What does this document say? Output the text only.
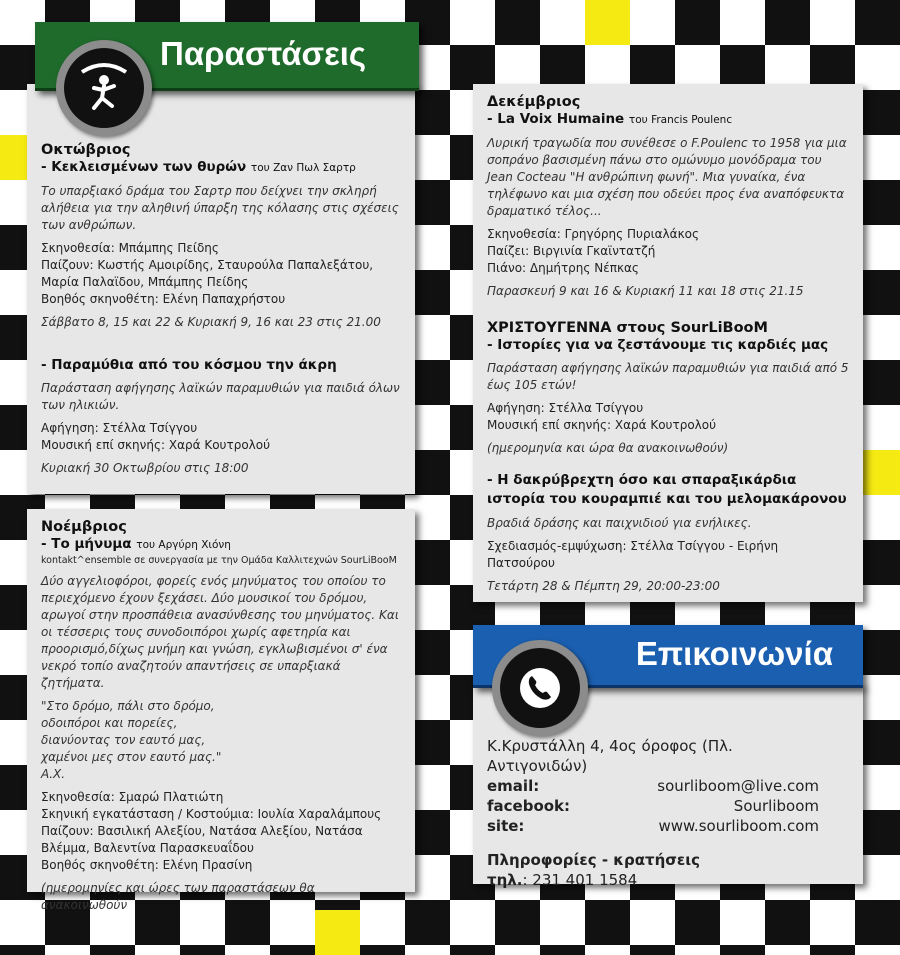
Οκτώβριος

- Κεκλεισμένων των θυρών του Ζαν Πωλ Σαρτρ

Το υπαρξιακό δράμα του Σαρτρ που δείχνει την σκληρή αλήθεια για την αληθινή ύπαρξη της κόλασης στις σχέσεις των ανθρώπων.

Σκηνοθεσία: Μπάμπης Πείδης

Παίζουν: Κωστής Αμοιρίδης, Σταυρούλα Παπαλεξάτου, Μαρία Παλαϊδου, Μπάμπης Πείδης

Βοηθός σκηνοθέτη: Ελένη Παπαχρήστου

Σάββατο 8, 15 και 22 & Κυριακή 9, 16 και 23 στις 21.00

- Παραμύθια από του κόσμου την άκρη

Παράσταση αφήγησης λαϊκών παραμυθιών για παιδιά όλων των ηλικιών.

Αφήγηση: Στέλλα Τσίγγου

Μουσική επί σκηνής: Χαρά Κουτρολού

Κυριακή 30 Οκτωβρίου στις 18:00

Παραστάσεις

Νοέμβριος

- Το μήνυμα του Αργύρη Χιόνη

kontakt^ensemble σε συνεργασία με την Ομάδα Καλλιτεχνών SourLiBooM

Δύο αγγελιοφόροι, φορείς ενός μηνύματος του οποίου το περιεχόμενο έχουν ξεχάσει. Δύο μουσικοί του δρόμου, αρωγοί στην προσπάθεια ανασύνθεσης του μηνύματος. Και οι τέσσερις τους συνοδοιπόροι χωρίς αφετηρία και προορισμό,δίχως μνήμη και γνώση, εγκλωβισμένοι σ' ένα νεκρό τοπίο αναζητούν απαντήσεις σε υπαρξιακά ζητήματα.

"Στο δρόμο, πάλι στο δρόμο,

οδοιπόροι και πορείες,

διανύοντας τον εαυτό μας,

χαμένοι μες στον εαυτό μας."

Α.Χ.

Σκηνοθεσία: Σμαρώ Πλατιώτη

Σκηνική εγκατάσταση / Κοστούμια: Ιουλία Χαραλάμπους

Παίζουν: Βασιλική Αλεξίου, Νατάσα Αλεξίου, Νατάσα Βλέμμα, Βαλεντίνα Παρασκευαΐδου

Βοηθός σκηνοθέτη: Ελένη Πρασίνη

(ημερομηνίες και ώρες των παραστάσεων θα ανακοινωθούν

Δεκέμβριος

- La Voix Humaine του Francis Poulenc

Λυρική τραγωδία που συνέθεσε ο F.Poulenc το 1958 για μια σοπράνο βασισμένη πάνω στο ομώνυμο μονόδραμα του Jean Cocteau "Η ανθρώπινη φωνή". Μια γυναίκα, ένα τηλέφωνο και μια σχέση που οδεύει προς ένα αναπόφευκτα δραματικό τέλος...

Σκηνοθεσία: Γρηγόρης Πυριαλάκος

Παίζει: Βιργινία Γκαϊντατζή

Πιάνο: Δημήτρης Νέπκας

Παρασκευή 9 και 16 & Κυριακή 11 και 18 στις 21.15

ΧΡΙΣΤΟΥΓΕΝΝΑ στους SourLiBooM

- Ιστορίες για να ζεστάνουμε τις καρδιές μας

Παράσταση αφήγησης λαϊκών παραμυθιών για παιδιά από 5 έως 105 ετών!

Αφήγηση: Στέλλα Τσίγγου

Μουσική επί σκηνής: Χαρά Κουτρολού

(ημερομηνία και ώρα θα ανακοινωθούν)

- Η δακρύβρεχτη όσο και σπαραξικάρδια ιστορία του κουραμπιέ και του μελομακάρονου

Βραδιά δράσης και παιχνιδιού για ενήλικες.

Σχεδιασμός-εμψύχωση: Στέλλα Τσίγγου - Ειρήνη Πατσούρου

Τετάρτη 28 & Πέμπτη 29, 20:00-23:00

Κ.Κρυστάλλη 4, 4ος όροφος (Πλ. Αντιγονιδών)

email:	sourliboom@live.com
facebook:	Sourliboom
site:	www.sourliboom.com

Πληροφορίες - κρατήσεις

τηλ.: 231 401 1584

Επικοινωνία
